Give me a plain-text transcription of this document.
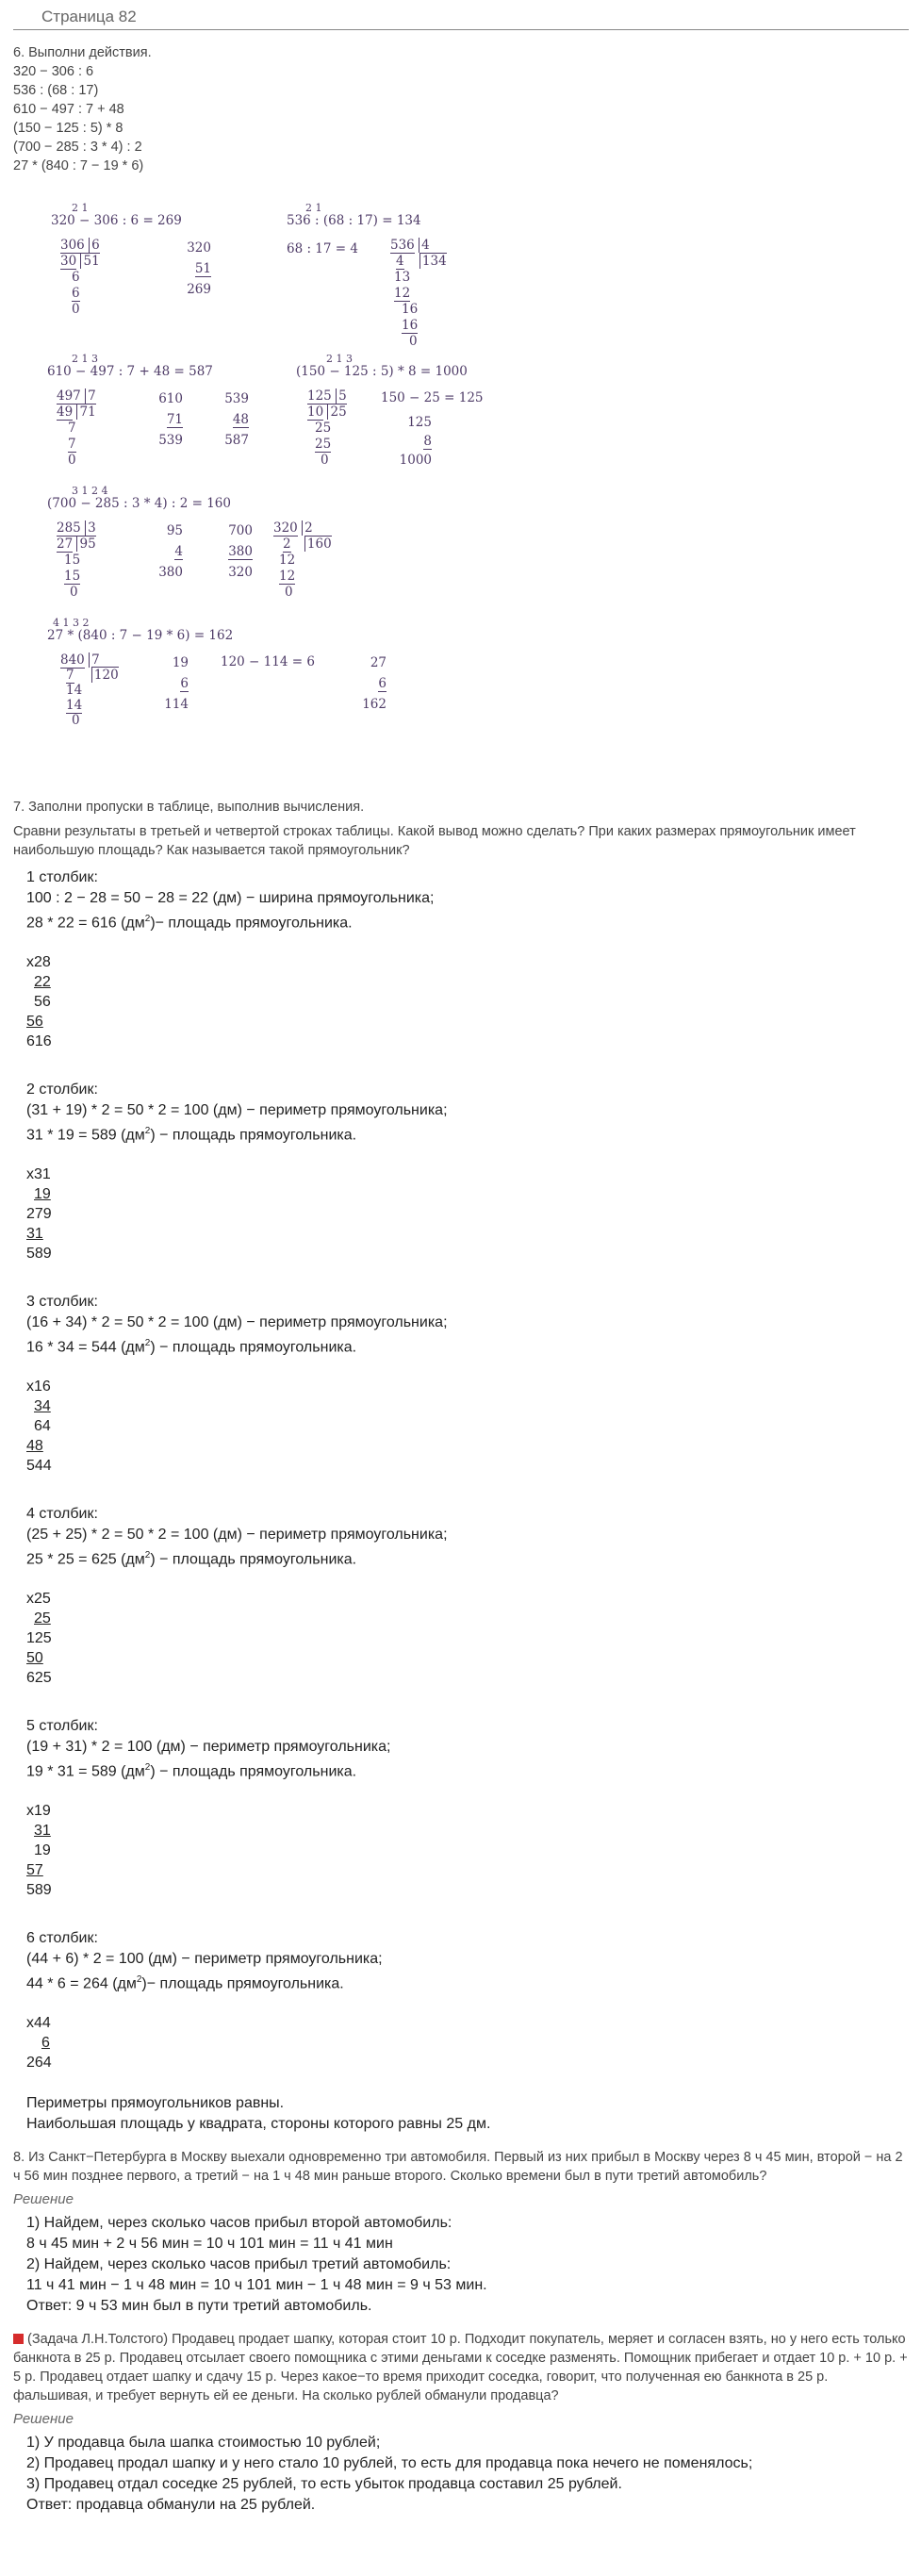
Страница 82
6. Выполни действия.
320 − 306 : 6
536 : (68 : 17)
610 − 497 : 7 + 48
(150 − 125 : 5) * 8
(700 − 285 : 3 * 4) : 2
27 * (840 : 7 − 19 * 6)
2 1
320 − 306 : 6 = 269
306 6
30 51
6
6
0
320
51
269
2 1
536 : (68 : 17) = 134
68 : 17 = 4	536 4
4 134
13
12
16
16
0
2 1 3
610 − 497 : 7 + 48 = 587
497 7
49 71
7
7
0
610
71
539
539
48
587
2 1 3
(150 − 125 : 5) * 8 = 1000
125 5
10 25
25
25
0
150 − 25 = 125
125
8
1000
3 1 2 4
(700 − 285 : 3 * 4) : 2 = 160
285 3
27 95
15
15
0
95
4
380
700
380
320
320 2
2 160
12
12
0
4 1 3 2
27 * (840 : 7 − 19 * 6) = 162
840 7
7 120
14
14
0
19
6
114
120 − 114 = 6	27
6
162
7. Заполни пропуски в таблице, выполнив вычисления.
Сравни результаты в третьей и четвертой строках таблицы. Какой вывод можно сделать? При каких размерах прямоугольник имеет наибольшую площадь? Как называется такой прямоугольник?
1 столбик:
100 : 2 − 28 = 50 − 28 = 22 (дм) − ширина прямоугольника;
28 * 22 = 616 $(дм^2)-$ площадь прямоугольника.
x28
22
56
56
616
2 столбик:
(31 + 19) * 2 = 50 * 2 = 100 (дм) − периметр прямоугольника;
31 * 19 = 589 $(дм^2)$ − площадь прямоугольника.
x31
19
279
31
589
3 столбик:
(16 + 34) * 2 = 50 * 2 = 100 (дм) − периметр прямоугольника;
16 * 34 = 544 $(дм^2)$ − площадь прямоугольника.
x16
34
64
48
544
4 столбик:
(25 + 25) * 2 = 50 * 2 = 100 (дм) − периметр прямоугольника;
25 * 25 = 625 $(дм^2)$ − площадь прямоугольника.
x25
25
125
50
625
5 столбик:
(19 + 31) * 2 = 100 (дм) − периметр прямоугольника;
19 * 31 = 589 $(дм^2)$ − площадь прямоугольника.
x19
31
19
57
589
6 столбик:
(44 + 6) * 2 = 100 (дм) − периметр прямоугольника;
44 * 6 = 264 $(дм^2)-$ площадь прямоугольника.
x44
6
264
Периметры прямоугольников равны.
Наибольшая площадь у квадрата, стороны которого равны 25 дм.
8. Из Санкт−Петербурга в Москву выехали одновременно три автомобиля. Первый из них прибыл в Москву через 8 ч 45 мин, второй − на 2 ч 56 мин позднее первого, а третий − на 1 ч 48 мин раньше второго. Сколько времени был в пути третий автомобиль?
Решение
1) Найдем, через сколько часов прибыл второй автомобиль:
8 ч 45 мин + 2 ч 56 мин = 10 ч 101 мин = 11 ч 41 мин
2) Найдем, через сколько часов прибыл третий автомобиль:
11 ч 41 мин − 1 ч 48 мин = 10 ч 101 мин − 1 ч 48 мин = 9 ч 53 мин.
Ответ: 9 ч 53 мин был в пути третий автомобиль.
(Задача Л.Н.Толстого) Продавец продает шапку, которая стоит 10 р. Подходит покупатель, меряет и согласен взять, но у него есть только банкнота в 25 р. Продавец отсылает своего помощника с этими деньгами к соседке разменять. Помощник прибегает и отдает 10 р. + 10 р. + 5 р. Продавец отдает шапку и сдачу 15 р. Через какое−то время приходит соседка, говорит, что полученная ею банкнота в 25 р. фальшивая, и требует вернуть ей ее деньги. На сколько рублей обманули продавца?
Решение
1) У продавца была шапка стоимостью 10 рублей;
2) Продавец продал шапку и у него стало 10 рублей, то есть для продавца пока нечего не поменялось;
3) Продавец отдал соседке 25 рублей, то есть убыток продавца составил 25 рублей.
Ответ: продавца обманули на 25 рублей.
